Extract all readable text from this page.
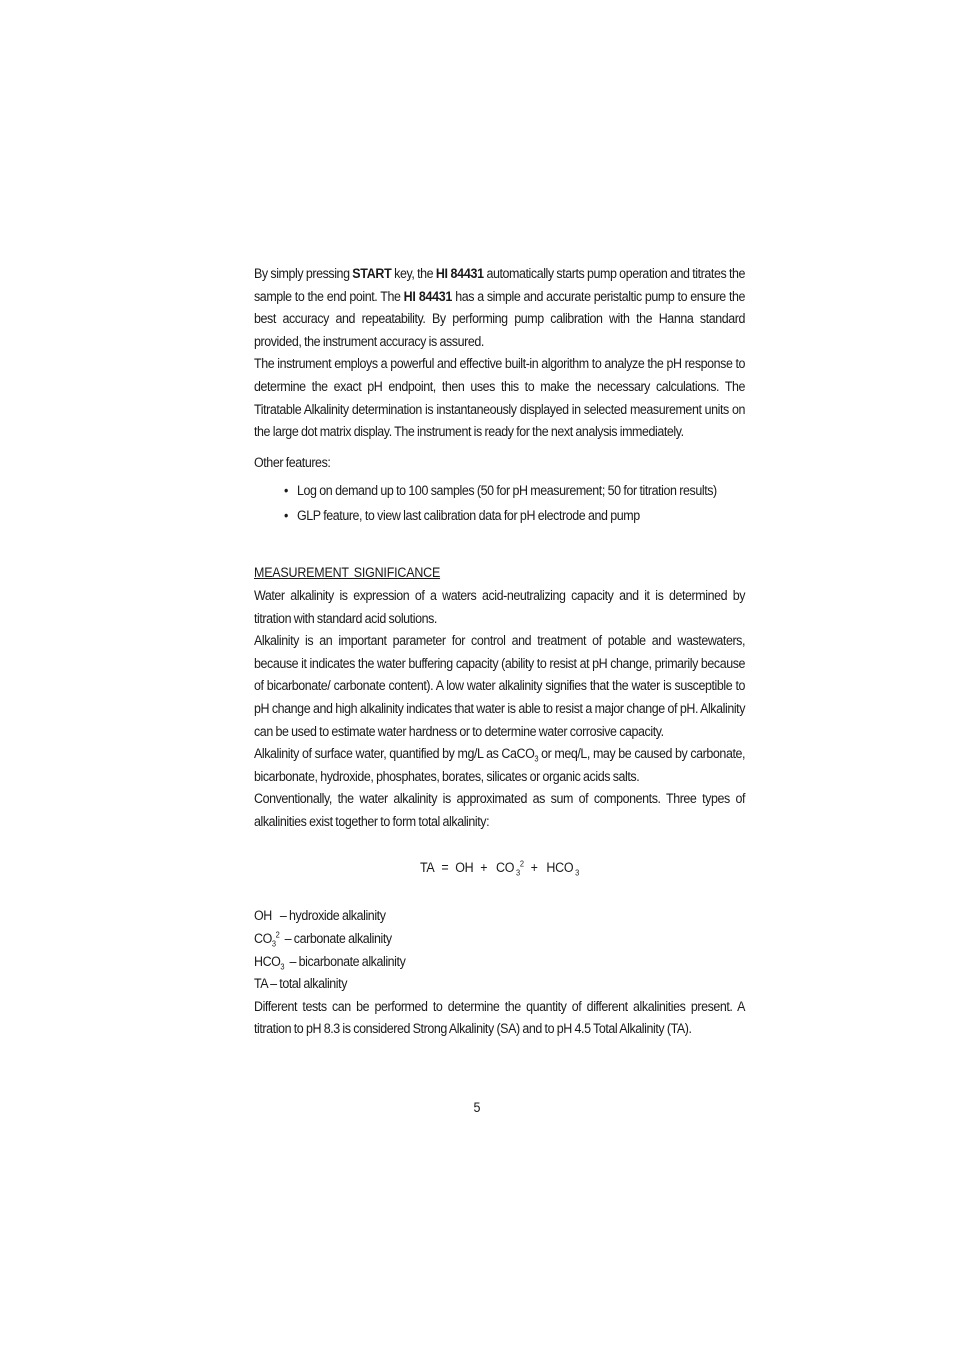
By simply pressing START key, the HI 84431 automatically starts pump operation and titrates the sample to the end point. The HI 84431 has a simple and accurate peristaltic pump to ensure the best accuracy and repeatability. By performing pump calibration with the Hanna standard provided, the instrument accuracy is assured.

The instrument employs a powerful and effective built-in algorithm to analyze the pH response to determine the exact pH endpoint, then uses this to make the necessary calculations. The Titratable Alkalinity determination is instantaneously displayed in selected measurement units on the large dot matrix display. The instrument is ready for the next analysis immediately.

Other features:

• Log on demand up to 100 samples (50 for pH measurement; 50 for titration results)
• GLP feature, to view last calibration data for pH electrode and pump
MEASUREMENT SIGNIFICANCE

Water alkalinity is expression of a waters acid-neutralizing capacity and it is determined by titration with standard acid solutions.

Alkalinity is an important parameter for control and treatment of potable and wastewaters, because it indicates the water buffering capacity (ability to resist at pH change, primarily because of bicarbonate/ carbonate content). A low water alkalinity signifies that the water is susceptible to pH change and high alkalinity indicates that water is able to resist a major change of pH. Alkalinity can be used to estimate water hardness or to determine water corrosive capacity.

Alkalinity of surface water, quantified by mg/L as CaCO$_3$ or meq/L, may be caused by carbonate, bicarbonate, hydroxide, phosphates, borates, silicates or organic acids salts.

Conventionally, the water alkalinity is approximated as sum of components. Three types of alkalinities exist together to form total alkalinity:

TA = OH + CO $_3^2$ + HCO $_3$

OH – hydroxide alkalinity

$CO_3^2$ – carbonate alkalinity

$HCO_3$ – bicarbonate alkalinity

TA – total alkalinity

Different tests can be performed to determine the quantity of different alkalinities present. A titration to pH 8.3 is considered Strong Alkalinity (SA) and to pH 4.5 Total Alkalinity (TA).

5
